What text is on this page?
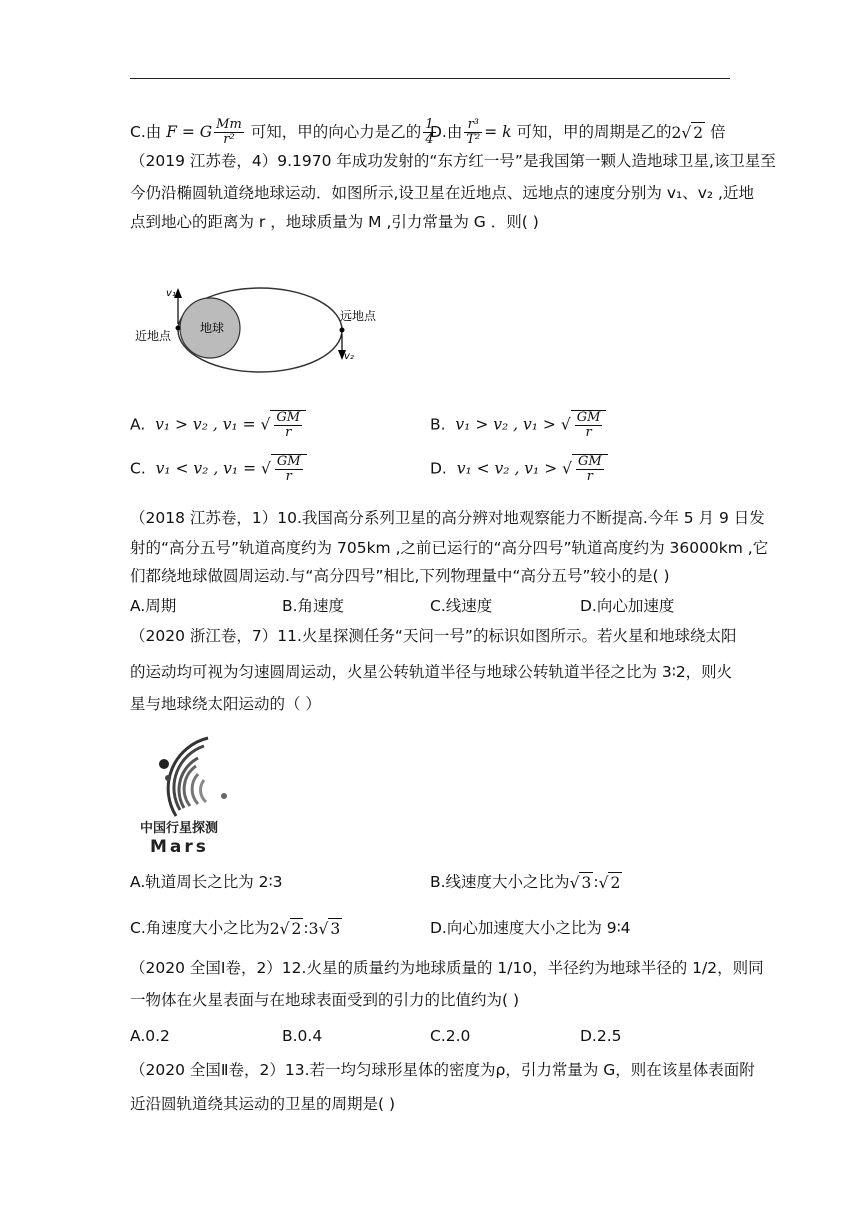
C.由 F = G $\frac{Mm}{\text{r²}}$ 可知，甲的向心力是乙的 $\frac{1}{4}$
D.由 $\frac{\text{r³}}{\text{T²}} = k$ 可知，甲的周期是乙的2√ 2 倍
（2019 江苏卷，4）9.1970 年成功发射的“东方红一号”是我国第一颗人造地球卫星,该卫星至
今仍沿椭圆轨道绕地球运动．如图所示,设卫星在近地点、远地点的速度分别为 v₁、v₂ ,近地
点到地心的距离为 r ，地球质量为 M ,引力常量为 G ．则( )
地球
v₁
v₂
近地点
远地点
A. v₁ > v₂ , v₁ = √ $\frac{GM}{r}$	B. v₁ > v₂ , v₁ > √ $\frac{GM}{r}$
C. v₁ < v₂ , v₁ = √ $\frac{GM}{r}$	D. v₁ < v₂ , v₁ > √ $\frac{GM}{r}$
（2018 江苏卷，1）10.我国高分系列卫星的高分辨对地观察能力不断提高.今年 5 月 9 日发
射的“高分五号”轨道高度约为 705km ,之前已运行的“高分四号”轨道高度约为 36000km ,它
们都绕地球做圆周运动.与“高分四号”相比,下列物理量中“高分五号”较小的是( )
A.周期	B.角速度	C.线速度	D.向心加速度
（2020 浙江卷，7）11.火星探测任务“天问一号”的标识如图所示。若火星和地球绕太阳
的运动均可视为匀速圆周运动，火星公转轨道半径与地球公转轨道半径之比为 3∶2，则火
星与地球绕太阳运动的（ ）
中国行星探测
Mars
A.轨道周长之比为 2∶3	B.线速度大小之比为√ 3 :√ 2
C.角速度大小之比为2√ 2 :3√ 3	D.向心加速度大小之比为 9∶4
（2020 全国Ⅰ卷，2）12.火星的质量约为地球质量的 1/10，半径约为地球半径的 1/2，则同
一物体在火星表面与在地球表面受到的引力的比值约为( )
A.0.2	B.0.4	C.2.0	D.2.5
（2020 全国Ⅱ卷，2）13.若一均匀球形星体的密度为ρ，引力常量为 G，则在该星体表面附
近沿圆轨道绕其运动的卫星的周期是( )
